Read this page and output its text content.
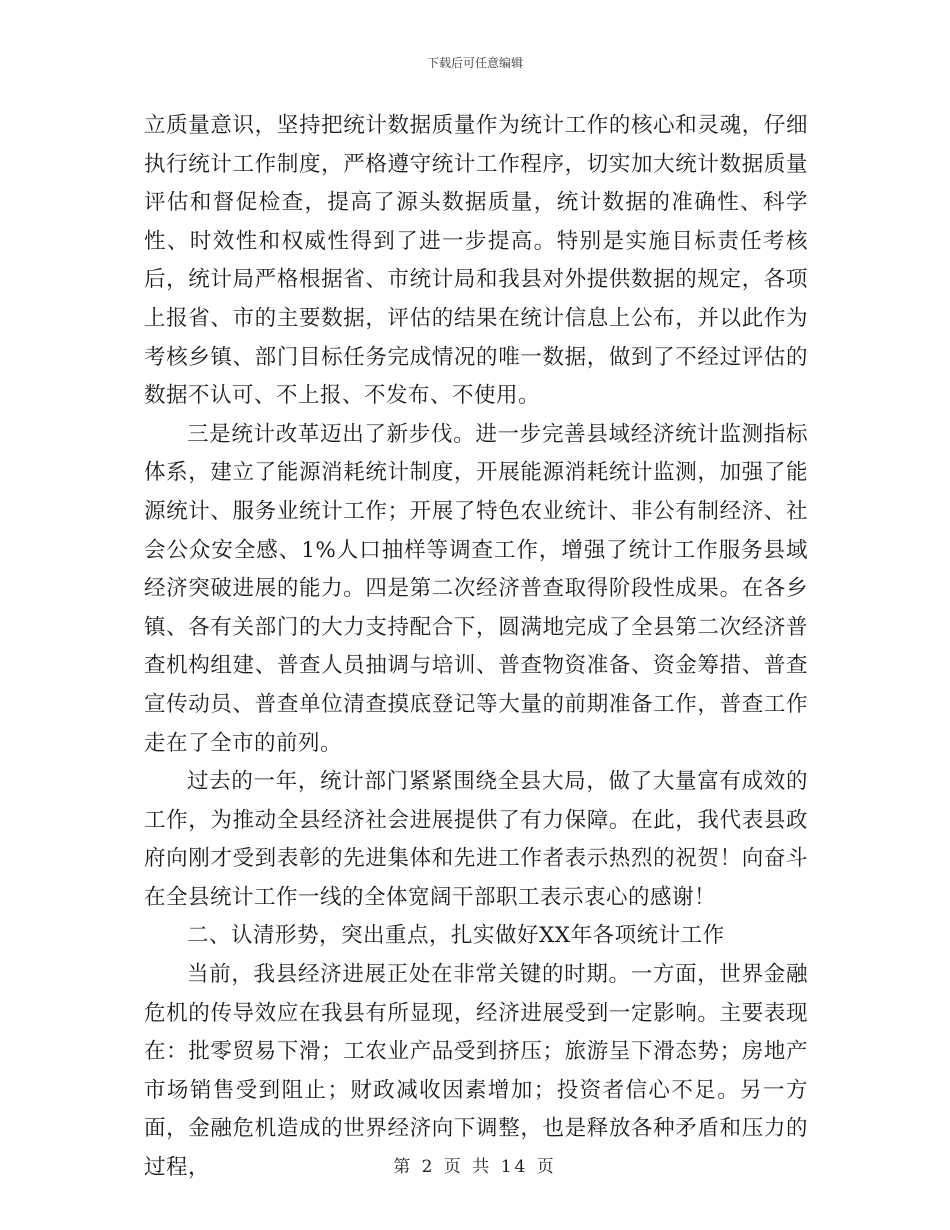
下载后可任意编辑

立质量意识，坚持把统计数据质量作为统计工作的核心和灵魂，仔细执行统计工作制度，严格遵守统计工作程序，切实加大统计数据质量评估和督促检查，提高了源头数据质量，统计数据的准确性、科学性、时效性和权威性得到了进一步提高。特别是实施目标责任考核后，统计局严格根据省、市统计局和我县对外提供数据的规定，各项上报省、市的主要数据，评估的结果在统计信息上公布，并以此作为考核乡镇、部门目标任务完成情况的唯一数据，做到了不经过评估的数据不认可、不上报、不发布、不使用。

三是统计改革迈出了新步伐。进一步完善县域经济统计监测指标体系，建立了能源消耗统计制度，开展能源消耗统计监测，加强了能源统计、服务业统计工作；开展了特色农业统计、非公有制经济、社会公众安全感、1%人口抽样等调查工作，增强了统计工作服务县域经济突破进展的能力。四是第二次经济普查取得阶段性成果。在各乡镇、各有关部门的大力支持配合下，圆满地完成了全县第二次经济普查机构组建、普查人员抽调与培训、普查物资准备、资金筹措、普查宣传动员、普查单位清查摸底登记等大量的前期准备工作，普查工作走在了全市的前列。

过去的一年，统计部门紧紧围绕全县大局，做了大量富有成效的工作，为推动全县经济社会进展提供了有力保障。在此，我代表县政府向刚才受到表彰的先进集体和先进工作者表示热烈的祝贺！向奋斗在全县统计工作一线的全体宽阔干部职工表示衷心的感谢！

二、认清形势，突出重点，扎实做好XX年各项统计工作

当前，我县经济进展正处在非常关键的时期。一方面，世界金融危机的传导效应在我县有所显现，经济进展受到一定影响。主要表现在：批零贸易下滑；工农业产品受到挤压；旅游呈下滑态势；房地产市场销售受到阻止；财政减收因素增加；投资者信心不足。另一方面，金融危机造成的世界经济向下调整，也是释放各种矛盾和压力的过程，	第 2 页 共 14 页
